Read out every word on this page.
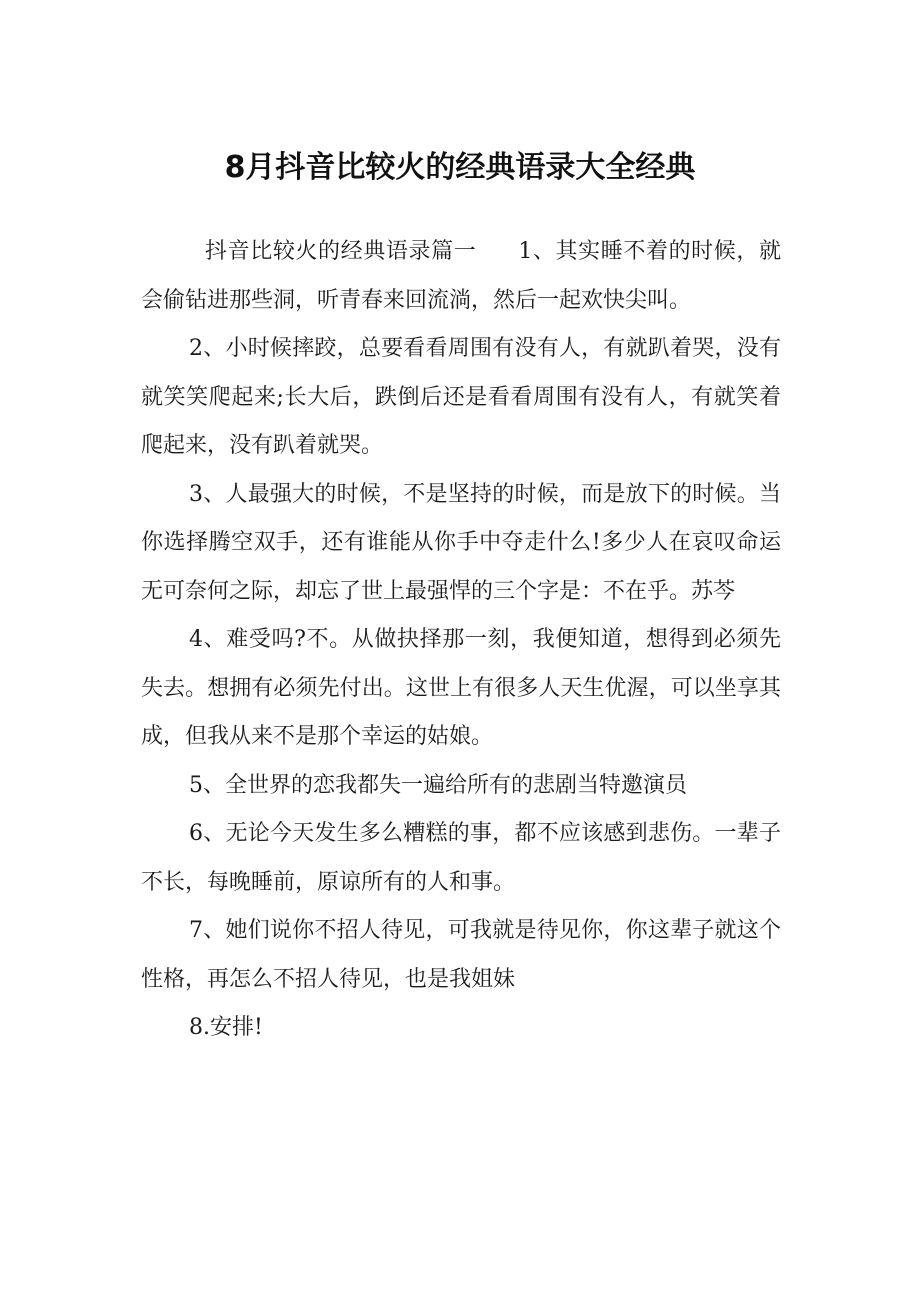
8月抖音比较火的经典语录大全经典

抖音比较火的经典语录篇一 1、其实睡不着的时候，就会偷钻进那些洞，听青春来回流淌，然后一起欢快尖叫。

2、小时候摔跤，总要看看周围有没有人，有就趴着哭，没有就笑笑爬起来;长大后，跌倒后还是看看周围有没有人，有就笑着爬起来，没有趴着就哭。

3、人最强大的时候，不是坚持的时候，而是放下的时候。当你选择腾空双手，还有谁能从你手中夺走什么!多少人在哀叹命运无可奈何之际，却忘了世上最强悍的三个字是：不在乎。苏芩

4、难受吗?不。从做抉择那一刻，我便知道，想得到必须先失去。想拥有必须先付出。这世上有很多人天生优渥，可以坐享其成，但我从来不是那个幸运的姑娘。

5、全世界的恋我都失一遍给所有的悲剧当特邀演员

6、无论今天发生多么糟糕的事，都不应该感到悲伤。一辈子不长，每晚睡前，原谅所有的人和事。

7、她们说你不招人待见，可我就是待见你，你这辈子就这个性格，再怎么不招人待见，也是我姐妹

8.安排!
